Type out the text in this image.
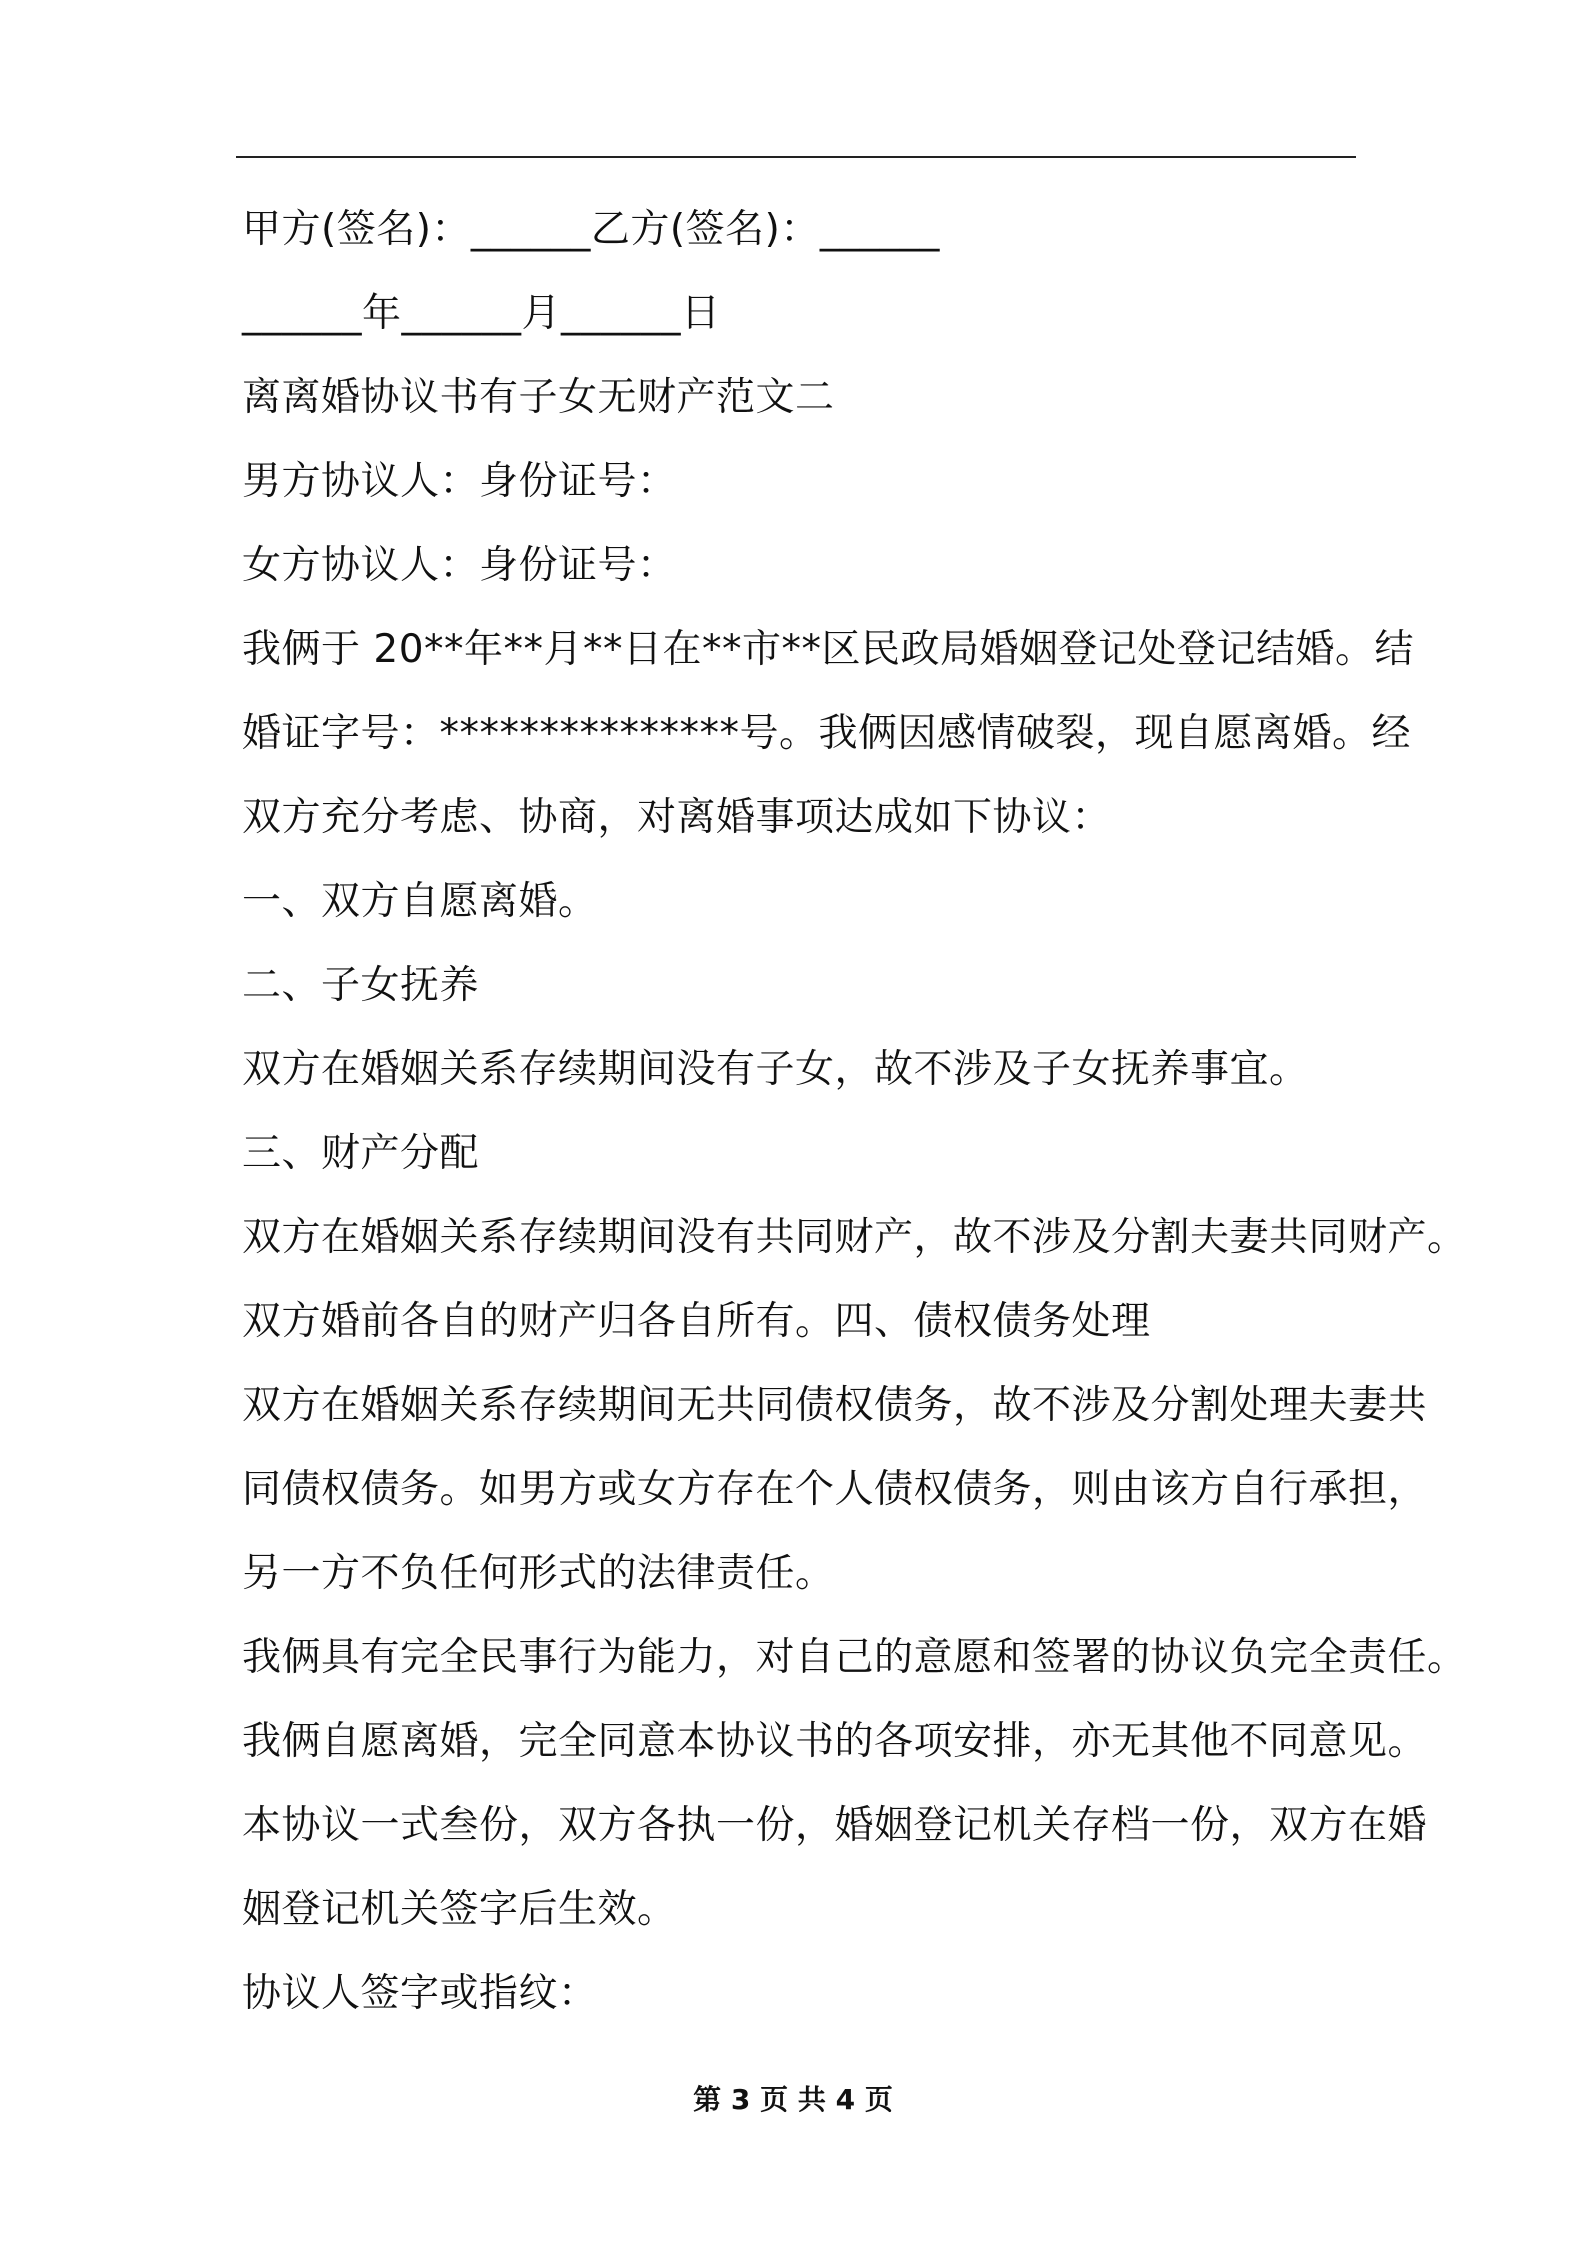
甲方(签名)：______乙方(签名)：______
______年______月______日
离离婚协议书有子女无财产范文二
男方协议人：身份证号：
女方协议人：身份证号：
我俩于 20**年**月**日在**市**区民政局婚姻登记处登记结婚。结
婚证字号：***************号。我俩因感情破裂，现自愿离婚。经
双方充分考虑、协商，对离婚事项达成如下协议：
一、双方自愿离婚。
二、子女抚养
双方在婚姻关系存续期间没有子女，故不涉及子女抚养事宜。
三、财产分配
双方在婚姻关系存续期间没有共同财产，故不涉及分割夫妻共同财产。
双方婚前各自的财产归各自所有。四、债权债务处理
双方在婚姻关系存续期间无共同债权债务，故不涉及分割处理夫妻共
同债权债务。如男方或女方存在个人债权债务，则由该方自行承担，
另一方不负任何形式的法律责任。
我俩具有完全民事行为能力，对自己的意愿和签署的协议负完全责任。
我俩自愿离婚，完全同意本协议书的各项安排，亦无其他不同意见。
本协议一式叁份，双方各执一份，婚姻登记机关存档一份，双方在婚
姻登记机关签字后生效。
协议人签字或指纹：
第 3 页 共 4 页
